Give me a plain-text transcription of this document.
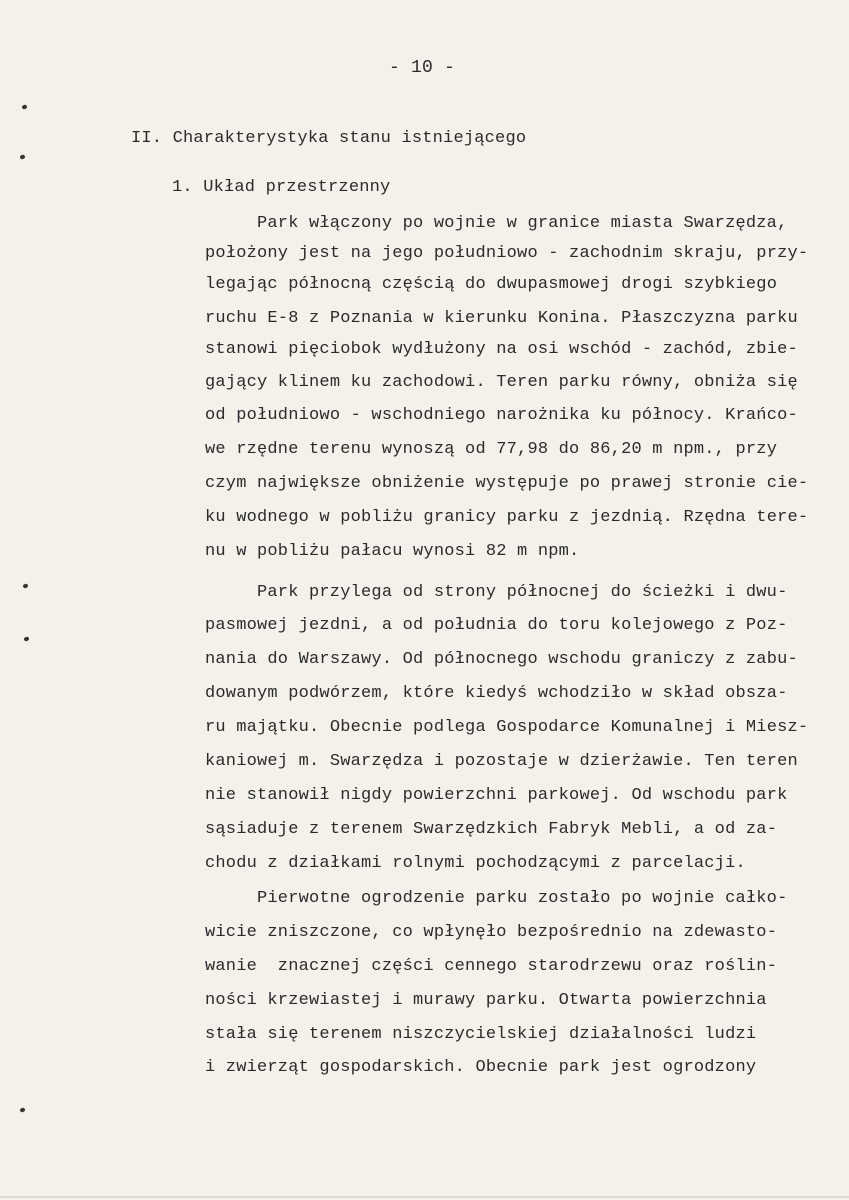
- 10 -
II. Charakterystyka stanu istniejącego
1. Układ przestrzenny
Park włączony po wojnie w granice miasta Swarzędza,
położony jest na jego południowo - zachodnim skraju, przy-
legając północną częścią do dwupasmowej drogi szybkiego
ruchu E-8 z Poznania w kierunku Konina. Płaszczyzna parku
stanowi pięciobok wydłużony na osi wschód - zachód, zbie-
gający klinem ku zachodowi. Teren parku równy, obniża się
od południowo - wschodniego narożnika ku północy. Krańco-
we rzędne terenu wynoszą od 77,98 do 86,20 m npm., przy
czym największe obniżenie występuje po prawej stronie cie-
ku wodnego w pobliżu granicy parku z jezdnią. Rzędna tere-
nu w pobliżu pałacu wynosi 82 m npm.
Park przylega od strony północnej do ścieżki i dwu-
pasmowej jezdni, a od południa do toru kolejowego z Poz-
nania do Warszawy. Od północnego wschodu graniczy z zabu-
dowanym podwórzem, które kiedyś wchodziło w skład obsza-
ru majątku. Obecnie podlega Gospodarce Komunalnej i Miesz-
kaniowej m. Swarzędza i pozostaje w dzierżawie. Ten teren
nie stanowił nigdy powierzchni parkowej. Od wschodu park
sąsiaduje z terenem Swarzędzkich Fabryk Mebli, a od za-
chodu z działkami rolnymi pochodzącymi z parcelacji.
Pierwotne ogrodzenie parku zostało po wojnie całko-
wicie zniszczone, co wpłynęło bezpośrednio na zdewasto-
wanie  znacznej części cennego starodrzewu oraz roślin-
ności krzewiastej i murawy parku. Otwarta powierzchnia
stała się terenem niszczycielskiej działalności ludzi
i zwierząt gospodarskich. Obecnie park jest ogrodzony
